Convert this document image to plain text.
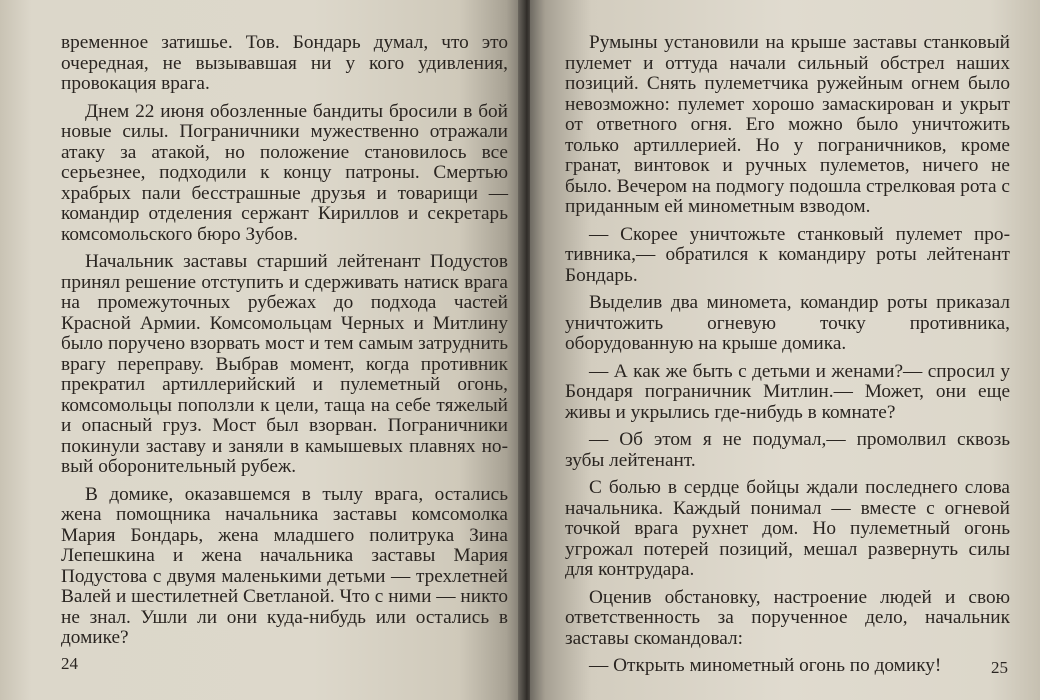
временное затишье. Тов. Бондарь думал, что это очередная, не вызывавшая ни у кого удивления, провокация врага.

Днем 22 июня обозленные бандиты бросили в бой новые силы. Пограничники мужественно отражали атаку за атакой, но положение становилось все серьезнее, подходили к концу патроны. Смертью храбрых пали бесстрашные друзья и товарищи — командир отделения сержант Кириллов и секретарь комсомольского бюро Зубов.

Начальник заставы старший лейтенант Подустов принял решение отступить и сдерживать натиск врага на промежуточных рубежах до подхода частей Красной Армии. Комсомольцам Черных и Митлину было поручено взорвать мост и тем самым затруднить врагу переправу. Выбрав момент, когда противник прекратил артиллерийский и пулеметный огонь, комсомольцы поползли к цели, таща на себе тяжелый и опасный груз. Мост был взорван. Пограничники покинули заставу и заняли в камышевых плавнях новый оборонительный рубеж.

В домике, оказавшемся в тылу врага, остались жена помощника начальника заставы комсомолка Мария Бондарь, жена младшего политрука Зина Лепешкина и жена начальника заставы Мария Подустова с двумя маленькими детьми — трехлетней Валей и шестилетней Светланой. Что с ними — никто не знал. Ушли ли они куда-нибудь или остались в домике?

24

Румыны установили на крыше заставы станковый пулемет и оттуда начали сильный обстрел наших позиций. Снять пулеметчика ружейным огнем было невозможно: пулемет хорошо замаскирован и укрыт от ответного огня. Его можно было уничтожить только артиллерией. Но у пограничников, кроме гранат, винтовок и ручных пулеметов, ничего не было. Вечером на подмогу подошла стрелковая рота с приданным ей минометным взводом.

— Скорее уничтожьте станковый пулемет противника,— обратился к командиру роты лейтенант Бондарь.

Выделив два миномета, командир роты приказал уничтожить огневую точку противника, оборудованную на крыше домика.

— А как же быть с детьми и женами?— спросил у Бондаря пограничник Митлин.— Может, они еще живы и укрылись где-нибудь в комнате?

— Об этом я не подумал,— промолвил сквозь зубы лейтенант.

С болью в сердце бойцы ждали последнего слова начальника. Каждый понимал — вместе с огневой точкой врага рухнет дом. Но пулеметный огонь угрожал потерей позиций, мешал развернуть силы для контрудара.

Оценив обстановку, настроение людей и свою ответственность за порученное дело, начальник заставы скомандовал:

— Открыть минометный огонь по домику!	25
